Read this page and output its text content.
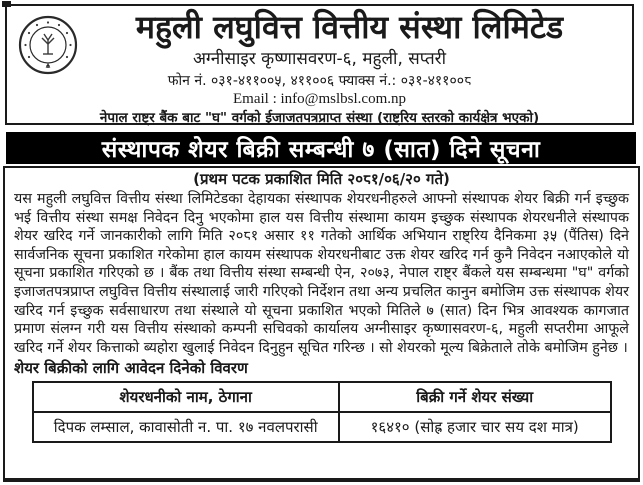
महुली लघुवित्त वित्तीय संस्था लिमिटेड
अग्नीसाइर कृष्णासवरण-६, महुली, सप्तरी
फोन नं. ०३१-४११००५, ४११००६ फ्याक्स नं.: ०३१-४११००८
Email : info@mslbsl.com.np
नेपाल राष्ट्र बैंक बाट "घ" वर्गको ईजाजतपत्रप्राप्त संस्था (राष्ट्रिय स्तरको कार्यक्षेत्र भएको)
संस्थापक शेयर बिक्री सम्बन्धी ७ (सात) दिने सूचना
(प्रथम पटक प्रकाशित मिति २०८१/०६/२० गते)
यस महुली लघुवित्त वित्तीय संस्था लिमिटेडका देहायका संस्थापक शेयरधनीहरुले आफ्नो संस्थापक शेयर बिक्री गर्न इच्छुक भई वित्तीय संस्था समक्ष निवेदन दिनु भएकोमा हाल यस वित्तीय संस्थामा कायम इच्छुक संस्थापक शेयरधनीले संस्थापक शेयर खरिद गर्ने जानकारीको लागि मिति २०८१ असार ११ गतेको आर्थिक अभियान राष्ट्रिय दैनिकमा ३५ (पैंतिस) दिने सार्वजनिक सूचना प्रकाशित गरेकोमा हाल कायम संस्थापक शेयरधनीबाट उक्त शेयर खरिद गर्न कुनै निवेदन नआएकोले यो सूचना प्रकाशित गरिएको छ । बैंक तथा वित्तीय संस्था सम्बन्धी ऐन, २०७३, नेपाल राष्ट्र बैंकले यस सम्बन्धमा "घ" वर्गको इजाजतपत्रप्राप्त लघुवित्त वित्तीय संस्थालाई जारी गरिएको निर्देशन तथा अन्य प्रचलित कानुन बमोजिम उक्त संस्थापक शेयर खरिद गर्न इच्छुक सर्वसाधारण तथा संस्थाले यो सूचना प्रकाशित भएको मितिले ७ (सात) दिन भित्र आवश्यक कागजात प्रमाण संलग्न गरी यस वित्तीय संस्थाको कम्पनी सचिवको कार्यालय अग्नीसाइर कृष्णासवरण-६, महुली सप्तरीमा आफूले खरिद गर्ने शेयर कित्ताको ब्यहोरा खुलाई निवेदन दिनुहुन सूचित गरिन्छ । सो शेयरको मूल्य बिक्रेताले तोके बमोजिम हुनेछ ।
शेयर बिक्रीको लागि आवेदन दिनेको विवरण
शेयरधनीको नाम, ठेगाना	बिक्री गर्ने शेयर संख्या
दिपक लम्साल, कावासोती न. पा. १७ नवलपरासी	१६४१० (सोह्र हजार चार सय दश मात्र)
